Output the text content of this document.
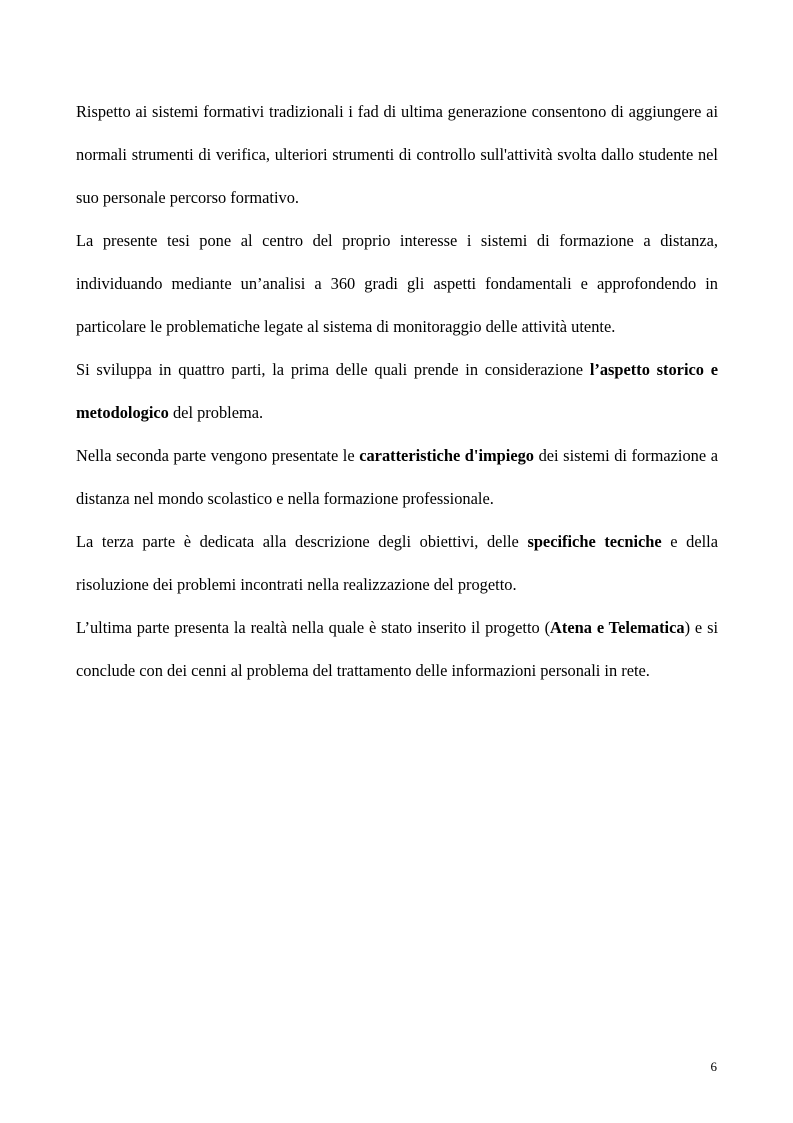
Rispetto ai sistemi formativi tradizionali i fad di ultima generazione consentono di aggiungere ai normali strumenti di verifica, ulteriori strumenti di controllo sull'attività svolta dallo studente nel suo personale percorso formativo.

La presente tesi pone al centro del proprio interesse i sistemi di formazione a distanza, individuando mediante un’analisi a 360 gradi gli aspetti fondamentali e approfondendo in particolare le problematiche legate al sistema di monitoraggio delle attività utente.

Si sviluppa in quattro parti, la prima delle quali prende in considerazione l’aspetto storico e metodologico del problema.

Nella seconda parte vengono presentate le caratteristiche d'impiego dei sistemi di formazione a distanza nel mondo scolastico e nella formazione professionale.

La terza parte è dedicata alla descrizione degli obiettivi, delle specifiche tecniche e della risoluzione dei problemi incontrati nella realizzazione del progetto.

L’ultima parte presenta la realtà nella quale è stato inserito il progetto (Atena e Telematica) e si conclude con dei cenni al problema del trattamento delle informazioni personali in rete.

6
